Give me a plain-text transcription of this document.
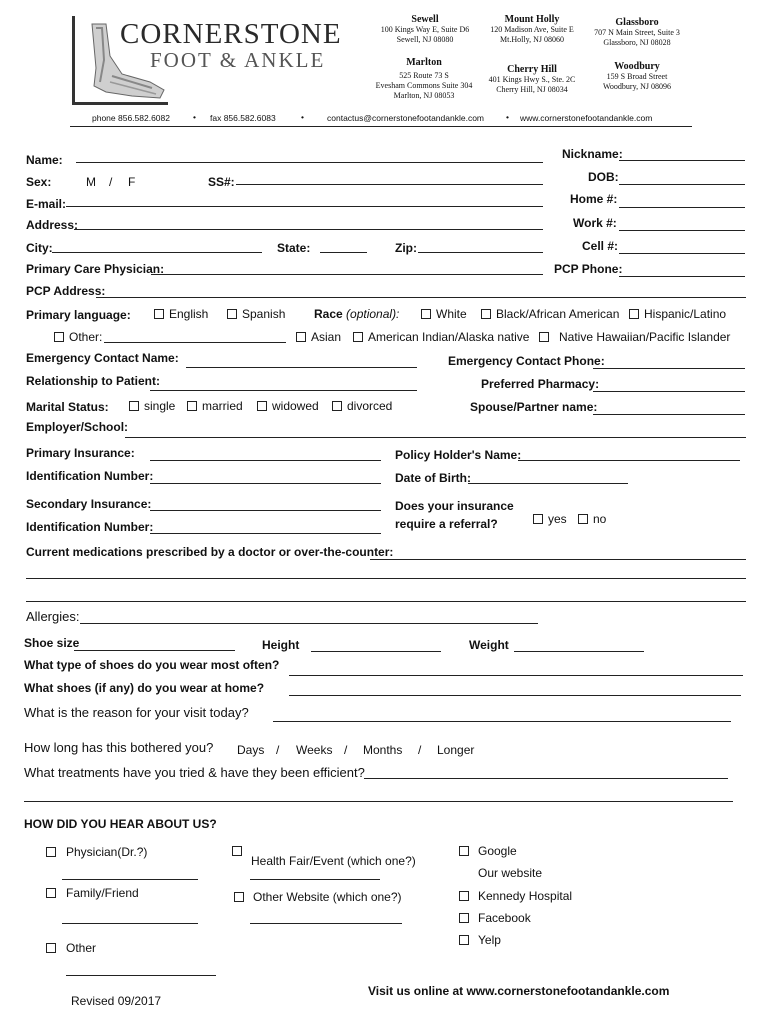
CORNERSTONE
FOOT & ANKLE
Sewell
100 Kings Way E, Suite D6
Sewell, NJ 08080
Mount Holly
120 Madison Ave, Suite E
Mt.Holly, NJ 08060
Glassboro
707 N Main Street, Suite 3
Glassboro, NJ 08028
Marlton
525 Route 73 S
Evesham Commons Suite 304
Marlton, NJ 08053
Cherry Hill
401 Kings Hwy S., Ste. 2C
Cherry Hill, NJ 08034
Woodbury
159 S Broad Street
Woodbury, NJ 08096
phone 856.582.6082	• fax 856.582.6083	•	contactus@cornerstonefootandankle.com	• www.cornerstonefootandankle.com
Name:	Nickname:
Sex:	M / F	SS#:	DOB:
E-mail:	Home #:
Address:	Work #:
City:	State:	Zip:	Cell #:
Primary Care Physician:	PCP Phone:
PCP Address:
Primary language:	English	Spanish Race (optional):	White	Black/African American	Hispanic/Latino
Other:	Asian	American Indian/Alaska native	Native Hawaiian/Pacific Islander
Emergency Contact Name:	Emergency Contact Phone:
Relationship to Patient:	Preferred Pharmacy:
Marital Status:	single	married	widowed	divorced	Spouse/Partner name:
Employer/School:
Primary Insurance:	Policy Holder's Name:
Identification Number:	Date of Birth:
Secondary Insurance:	Does your insurance
require a referral?	yes	no
Identification Number:
Current medications prescribed by a doctor or over-the-counter:
Allergies:
Shoe size	Height	Weight
What type of shoes do you wear most often?
What shoes (if any) do you wear at home?
What is the reason for your visit today?
How long has this bothered you? Days / Weeks / Months / Longer
What treatments have you tried & have they been efficient?
HOW DID YOU HEAR ABOUT US?
Physician(Dr.?)
Health Fair/Event (which one?)
Google
Our website
Family/Friend	Other Website (which one?)	Kennedy Hospital
Facebook
Yelp
Other
Visit us online at www.cornerstonefootandankle.com
Revised 09/2017
